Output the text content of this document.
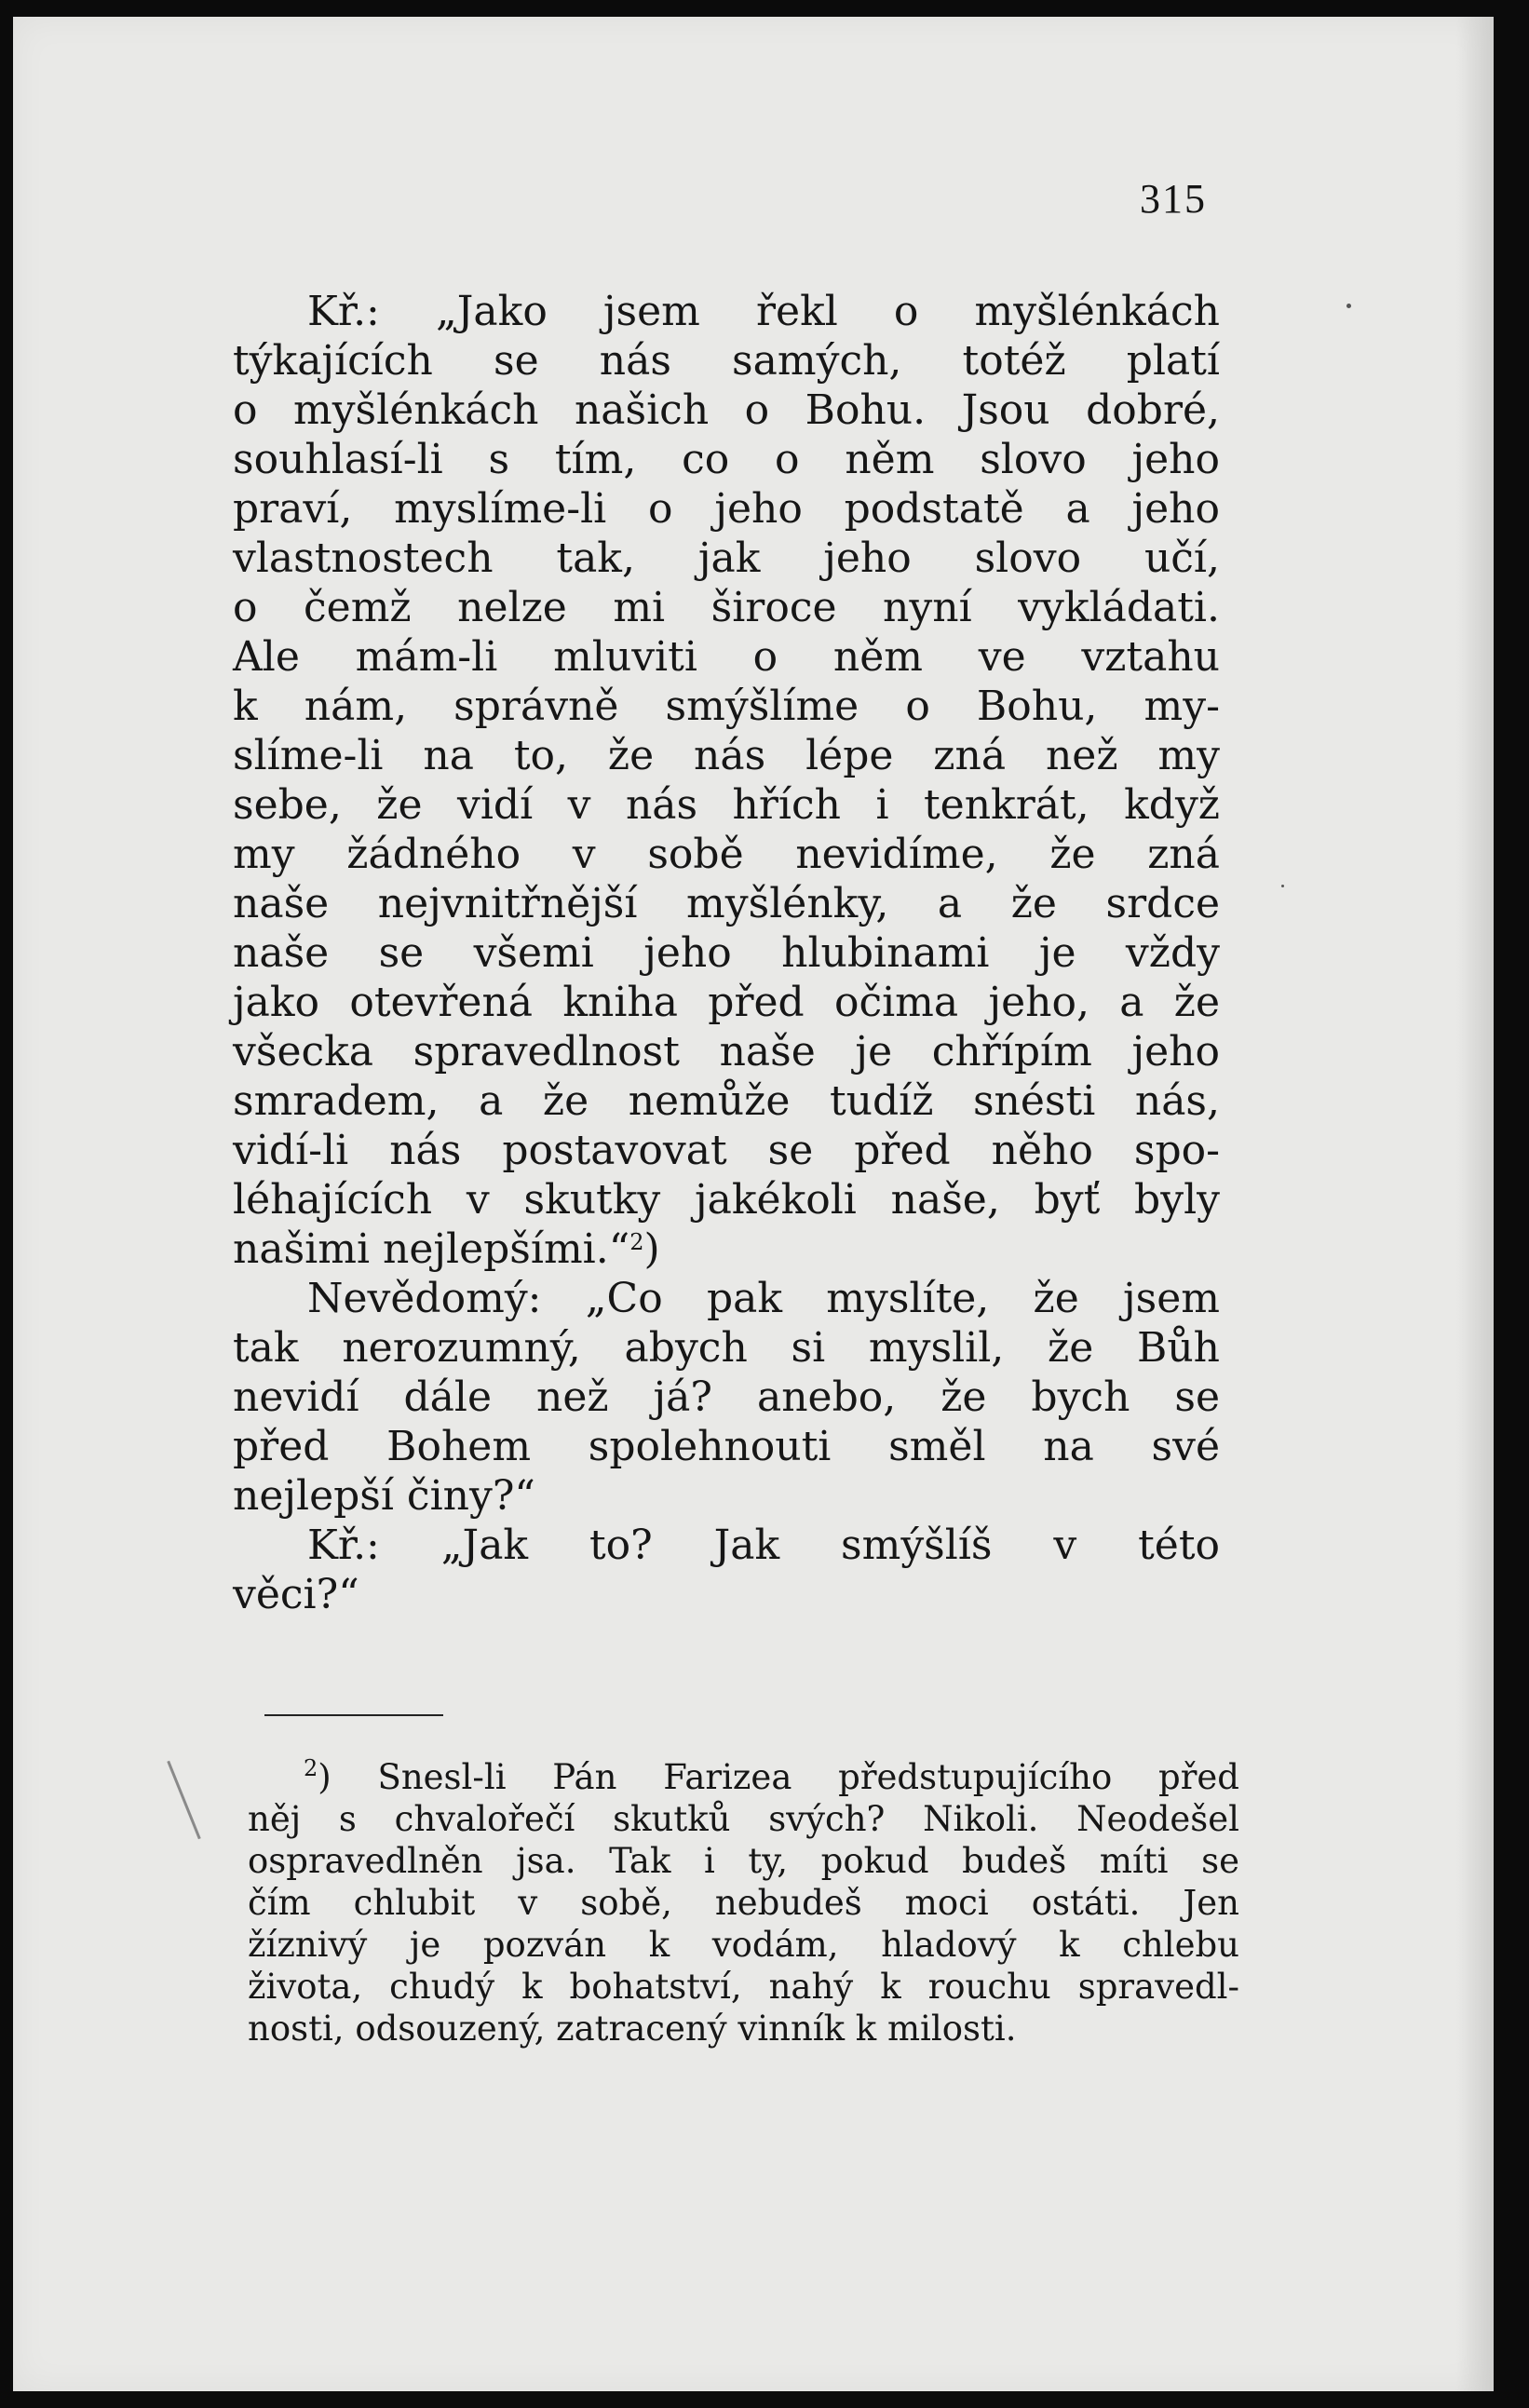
315

Kř.: „Jako jsem řekl o myšlénkách
týkajících se nás samých, totéž platí
o myšlénkách našich o Bohu. Jsou dobré,
souhlasí-li s tím, co o něm slovo jeho
praví, myslíme-li o jeho podstatě a jeho
vlastnostech tak, jak jeho slovo učí,
o čemž nelze mi široce nyní vykládati.
Ale mám-li mluviti o něm ve vztahu
k nám, správně smýšlíme o Bohu, my-
slíme-li na to, že nás lépe zná než my
sebe, že vidí v nás hřích i tenkrát, když
my žádného v sobě nevidíme, že zná
naše nejvnitřnější myšlénky, a že srdce
naše se všemi jeho hlubinami je vždy
jako otevřená kniha před očima jeho, a že
všecka spravedlnost naše je chřípím jeho
smradem, a že nemůže tudíž snésti nás,
vidí-li nás postavovat se před něho spo-
léhajících v skutky jakékoli naše, byť byly
našimi nejlepšími.“$^2$)

Nevědomý: „Co pak myslíte, že jsem
tak nerozumný, abych si myslil, že Bůh
nevidí dále než já? anebo, že bych se
před Bohem spolehnouti směl na své
nejlepší činy?“

Kř.: „Jak to? Jak smýšlíš v této
věci?“

$^2$) Snesl-li Pán Farizea předstupujícího před
něj s chvalořečí skutků svých? Nikoli. Neodešel
ospravedlněn jsa. Tak i ty, pokud budeš míti se
čím chlubit v sobě, nebudeš moci ostáti. Jen
žíznivý je pozván k vodám, hladový k chlebu
života, chudý k bohatství, nahý k rouchu spravedl-
nosti, odsouzený, zatracený vinník k milosti.
